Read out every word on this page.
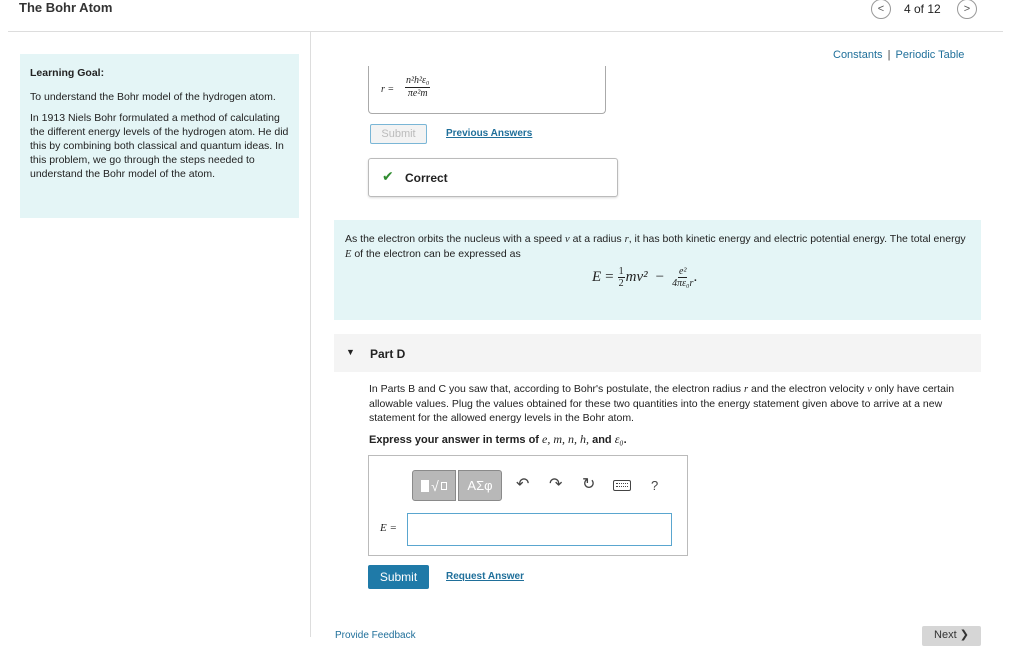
The Bohr Atom	< 4 of 12 >

Learning Goal:

To understand the Bohr model of the hydrogen atom.

In 1913 Niels Bohr formulated a method of calculating the different energy levels of the hydrogen atom. He did this by combining both classical and quantum ideas. In this problem, we go through the steps needed to understand the Bohr model of the atom.

Constants | Periodic Table
$r = \frac{\text{n²h²ε₀}}{\text{πe²m}}$
Submit	Previous Answers
✔ Correct
As the electron orbits the nucleus with a speed v at a radius r, it has both kinetic energy and electric potential energy. The total energy E of the electron can be expressed as
$E = \frac{1}{2} mv^2 - \frac{\text{e²}}{\text{4πε₀r}}$ .
▼ Part D
In Parts B and C you saw that, according to Bohr's postulate, the electron radius r and the electron velocity v only have certain allowable values. Plug the values obtained for these two quantities into the energy statement given above to arrive at a new statement for the allowed energy levels in the Bohr atom.
Express your answer in terms of e, m, n, h, and ε₀.
√	ΑΣφ	↶ ↷ ↻	?
E =
Submit	Request Answer
Provide Feedback	Next ❯
